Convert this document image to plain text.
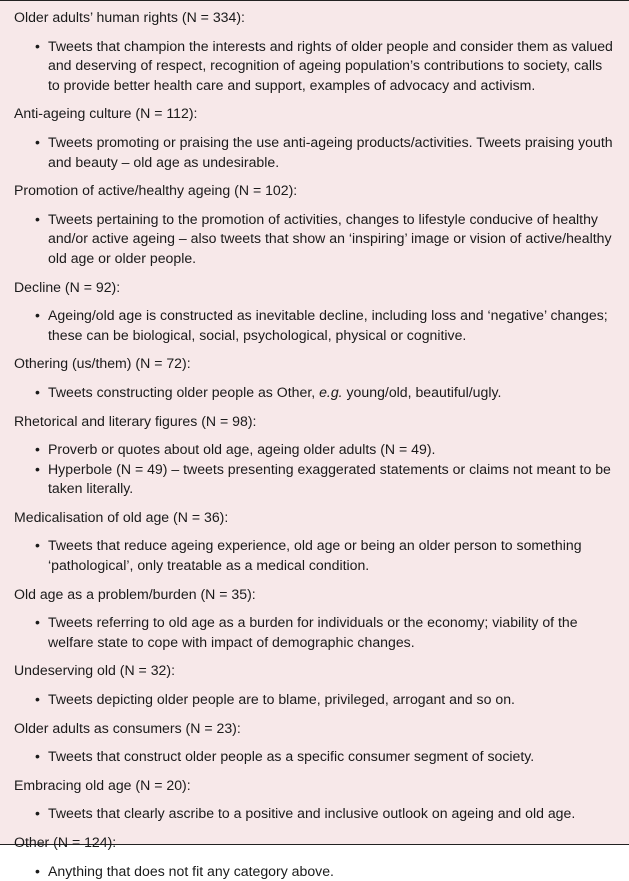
Older adults’ human rights (N = 334):

• Tweets that champion the interests and rights of older people and consider them as valued and deserving of respect, recognition of ageing population’s contributions to society, calls to provide better health care and support, examples of advocacy and activism.

Anti-ageing culture (N = 112):

• Tweets promoting or praising the use anti-ageing products/activities. Tweets praising youth and beauty – old age as undesirable.

Promotion of active/healthy ageing (N = 102):

• Tweets pertaining to the promotion of activities, changes to lifestyle conducive of healthy and/or active ageing – also tweets that show an ‘inspiring’ image or vision of active/healthy old age or older people.

Decline (N = 92):

• Ageing/old age is constructed as inevitable decline, including loss and ‘negative’ changes; these can be biological, social, psychological, physical or cognitive.

Othering (us/them) (N = 72):

• Tweets constructing older people as Other, e.g. young/old, beautiful/ugly.

Rhetorical and literary figures (N = 98):

• Proverb or quotes about old age, ageing older adults (N = 49).
• Hyperbole (N = 49) – tweets presenting exaggerated statements or claims not meant to be taken literally.

Medicalisation of old age (N = 36):

• Tweets that reduce ageing experience, old age or being an older person to something ‘pathological’, only treatable as a medical condition.

Old age as a problem/burden (N = 35):

• Tweets referring to old age as a burden for individuals or the economy; viability of the welfare state to cope with impact of demographic changes.

Undeserving old (N = 32):

• Tweets depicting older people are to blame, privileged, arrogant and so on.

Older adults as consumers (N = 23):

• Tweets that construct older people as a specific consumer segment of society.

Embracing old age (N = 20):

• Tweets that clearly ascribe to a positive and inclusive outlook on ageing and old age.

Other (N = 124):

• Anything that does not fit any category above.
